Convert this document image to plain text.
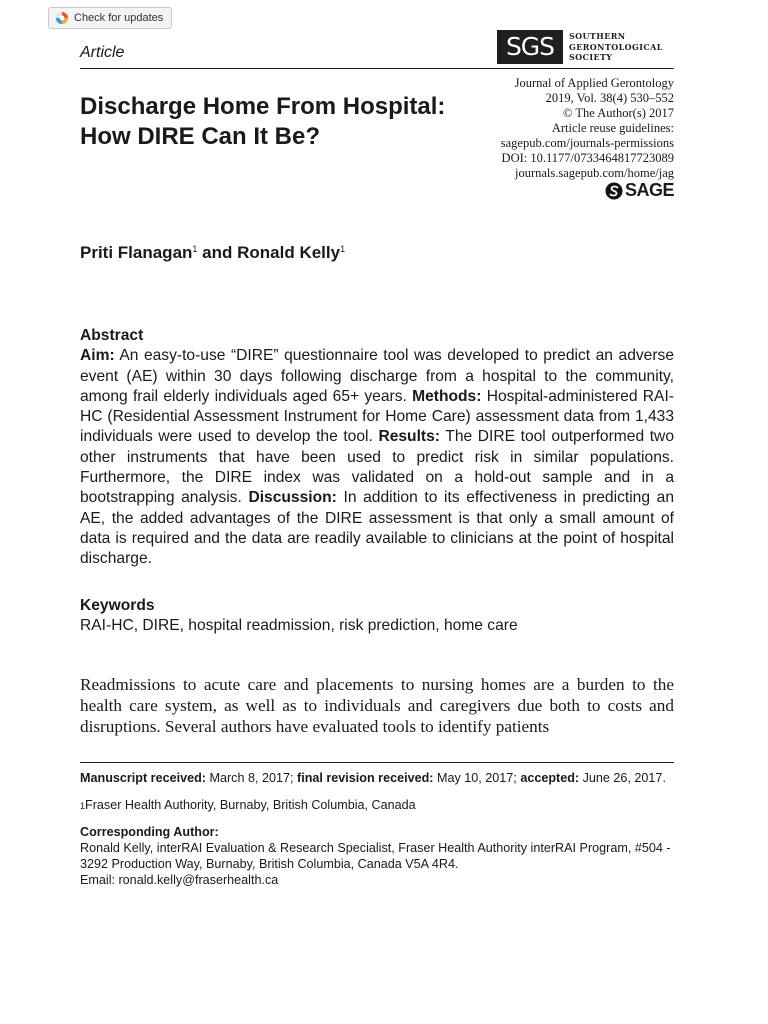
Check for updates
Article	SGS	SOUTHERN
GERONTOLOGICAL
SOCIETY
Journal of Applied Gerontology
2019, Vol. 38(4) 530–552
© The Author(s) 2017
Article reuse guidelines:
sagepub.com/journals-permissions
DOI: 10.1177/0733464817723089
journals.sagepub.com/home/jag
SAGE
Discharge Home From Hospital: How DIRE Can It Be?

Priti Flanagan$^1$ and Ronald Kelly$^1$

Abstract

Aim: An easy-to-use “DIRE” questionnaire tool was developed to predict an adverse event (AE) within 30 days following discharge from a hospital to the community, among frail elderly individuals aged 65+ years. Methods: Hospital-administered RAI-HC (Residential Assessment Instrument for Home Care) assessment data from 1,433 individuals were used to develop the tool. Results: The DIRE tool outperformed two other instruments that have been used to predict risk in similar populations. Furthermore, the DIRE index was validated on a hold-out sample and in a bootstrapping analysis. Discussion: In addition to its effectiveness in predicting an AE, the added advantages of the DIRE assessment is that only a small amount of data is required and the data are readily available to clinicians at the point of hospital discharge.

Keywords

RAI-HC, DIRE, hospital readmission, risk prediction, home care

Readmissions to acute care and placements to nursing homes are a burden to the health care system, as well as to individuals and caregivers due both to costs and disruptions. Several authors have evaluated tools to identify patients

Manuscript received: March 8, 2017; final revision received: May 10, 2017; accepted: June 26, 2017.

$^1$Fraser Health Authority, Burnaby, British Columbia, Canada

Corresponding Author:

Ronald Kelly, interRAI Evaluation & Research Specialist, Fraser Health Authority interRAI Program, #504 - 3292 Production Way, Burnaby, British Columbia, Canada V5A 4R4.

Email: ronald.kelly@fraserhealth.ca
